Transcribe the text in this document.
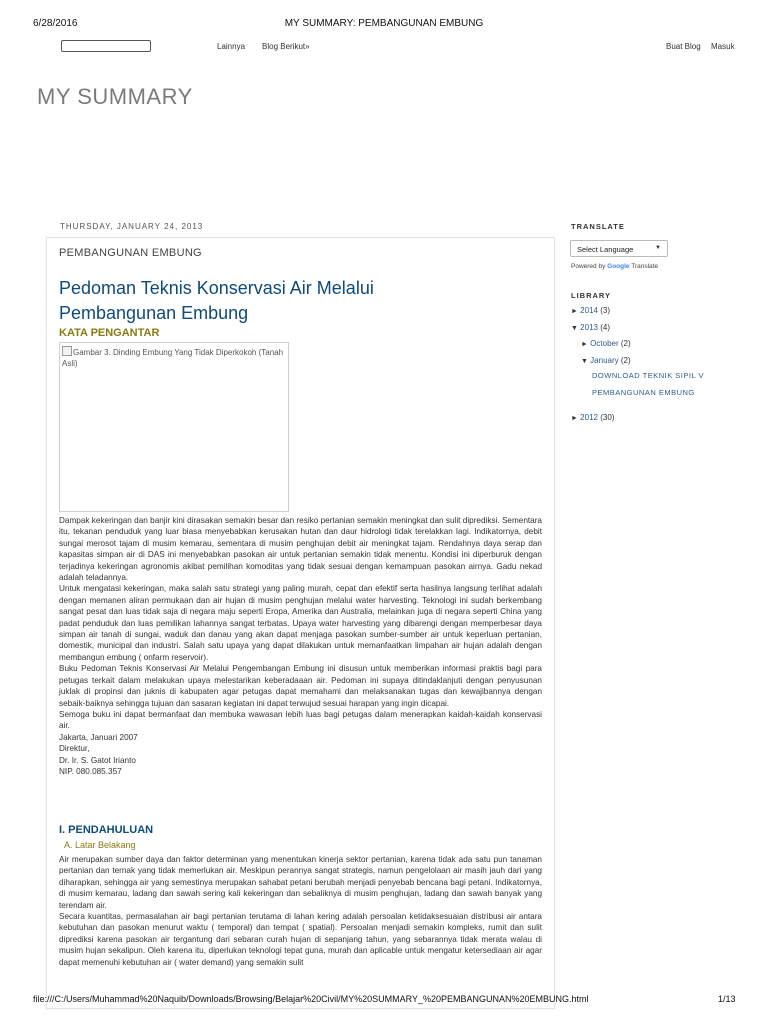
6/28/2016	MY SUMMARY: PEMBANGUNAN EMBUNG
Lainnya Blog Berikut»	Buat Blog Masuk
MY SUMMARY
THURSDAY, JANUARY 24, 2013
PEMBANGUNAN EMBUNG
Pedoman Teknis Konservasi Air Melalui
Pembangunan Embung
KATA PENGANTAR
Gambar 3. Dinding Embung Yang Tidak Diperkokoh (Tanah Asli)

Dampak kekeringan dan banjir kini dirasakan semakin besar dan resiko pertanian semakin meningkat dan sulit diprediksi. Sementara itu, tekanan penduduk yang luar biasa menyebabkan kerusakan hutan dan daur hidrologi tidak terelakkan lagi. Indikatornya, debit sungai merosot tajam di musim kemarau, sementara di musim penghujan debit air meningkat tajam. Rendahnya daya serap dan kapasitas simpan air di DAS ini menyebabkan pasokan air untuk pertanian semakin tidak menentu. Kondisi ini diperburuk dengan terjadinya kekeringan agronomis akibat pemilihan komoditas yang tidak sesuai dengan kemampuan pasokan airnya. Gadu nekad adalah teladannya.

Untuk mengatasi kekeringan, maka salah satu strategi yang paling murah, cepat dan efektif serta hasilnya langsung terlihat adalah dengan memanen aliran permukaan dan air hujan di musim penghujan melalui water harvesting. Teknologi ini sudah berkembang sangat pesat dan luas tidak saja di negara maju seperti Eropa, Amerika dan Australia, melainkan juga di negara seperti China yang padat penduduk dan luas pemilikan lahannya sangat terbatas. Upaya water harvesting yang dibarengi dengan memperbesar daya simpan air tanah di sungai, waduk dan danau yang akan dapat menjaga pasokan sumber-sumber air untuk keperluan pertanian, domestik, municipal dan industri. Salah satu upaya yang dapat dilakukan untuk memanfaatkan limpahan air hujan adalah dengan membangun embung ( onfarm reservoir).

Buku Pedoman Teknis Konservasi Air Melalui Pengembangan Embung ini disusun untuk memberikan informasi praktis bagi para petugas terkait dalam melakukan upaya melestarikan keberadaaan air. Pedoman ini supaya ditindaklanjuti dengan penyusunan juklak di propinsi dan juknis di kabupaten agar petugas dapat memahami dan melaksanakan tugas dan kewajibannya dengan sebaik-baiknya sehingga tujuan dan sasaran kegiatan ini dapat terwujud sesuai harapan yang ingin dicapai.

Semoga buku ini dapat bermanfaat dan membuka wawasan lebih luas bagi petugas dalam menerapkan kaidah-kaidah konservasi air.

Jakarta, Januari 2007

Direktur,

Dr. Ir. S. Gatot Irianto

NIP. 080.085.357

I. PENDAHULUAN
A. Latar Belakang

Air merupakan sumber daya dan faktor determinan yang menentukan kinerja sektor pertanian, karena tidak ada satu pun tanaman pertanian dan ternak yang tidak memerlukan air. Meskipun perannya sangat strategis, namun pengelolaan air masih jauh dari yang diharapkan, sehingga air yang semestinya merupakan sahabat petani berubah menjadi penyebab bencana bagi petani. Indikatornya, di musim kemarau, ladang dan sawah sering kali kekeringan dan sebaliknya di musim penghujan, ladang dan sawah banyak yang terendam air.

Secara kuantitas, permasalahan air bagi pertanian terutama di lahan kering adalah persoalan ketidaksesuaian distribusi air antara kebutuhan dan pasokan menurut waktu ( temporal) dan tempat ( spatial). Persoalan menjadi semakin kompleks, rumit dan sulit diprediksi karena pasokan air tergantung dari sebaran curah hujan di sepanjang tahun, yang sebarannya tidak merata walau di musim hujan sekalipun. Oleh karena itu, diperlukan teknologi tepat guna, murah dan aplicable untuk mengatur ketersediaan air agar dapat memenuhi kebutuhan air ( water demand) yang semakin sulit

TRANSLATE
Select Language	▼
Powered by Google Translate
LIBRARY
► 2014 (3)
▼ 2013 (4)
► October (2)
▼ January (2)
DOWNLOAD TEKNIK SIPIL V
PEMBANGUNAN EMBUNG
► 2012 (30)
file:///C:/Users/Muhammad%20Naquib/Downloads/Browsing/Belajar%20Civil/MY%20SUMMARY_%20PEMBANGUNAN%20EMBUNG.html	1/13
